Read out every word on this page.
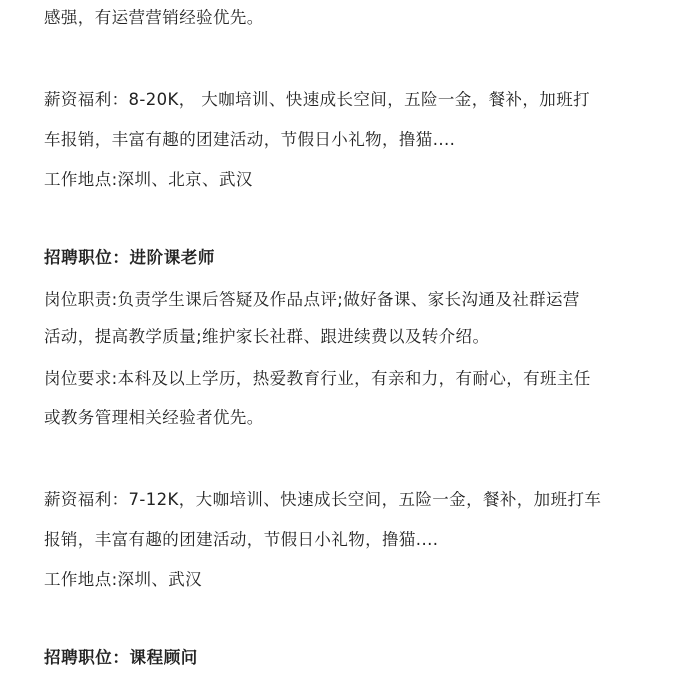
感强，有运营营销经验优先。
薪资福利：8-20K， 大咖培训、快速成长空间，五险一金，餐补，加班打
车报销，丰富有趣的团建活动，节假日小礼物，撸猫....
工作地点:深圳、北京、武汉
招聘职位：进阶课老师
岗位职责:负责学生课后答疑及作品点评;做好备课、家长沟通及社群运营
活动，提高教学质量;维护家长社群、跟进续费以及转介绍。
岗位要求:本科及以上学历，热爱教育行业，有亲和力，有耐心，有班主任
或教务管理相关经验者优先。
薪资福利：7-12K，大咖培训、快速成长空间，五险一金，餐补，加班打车
报销，丰富有趣的团建活动，节假日小礼物，撸猫....
工作地点:深圳、武汉
招聘职位：课程顾问
